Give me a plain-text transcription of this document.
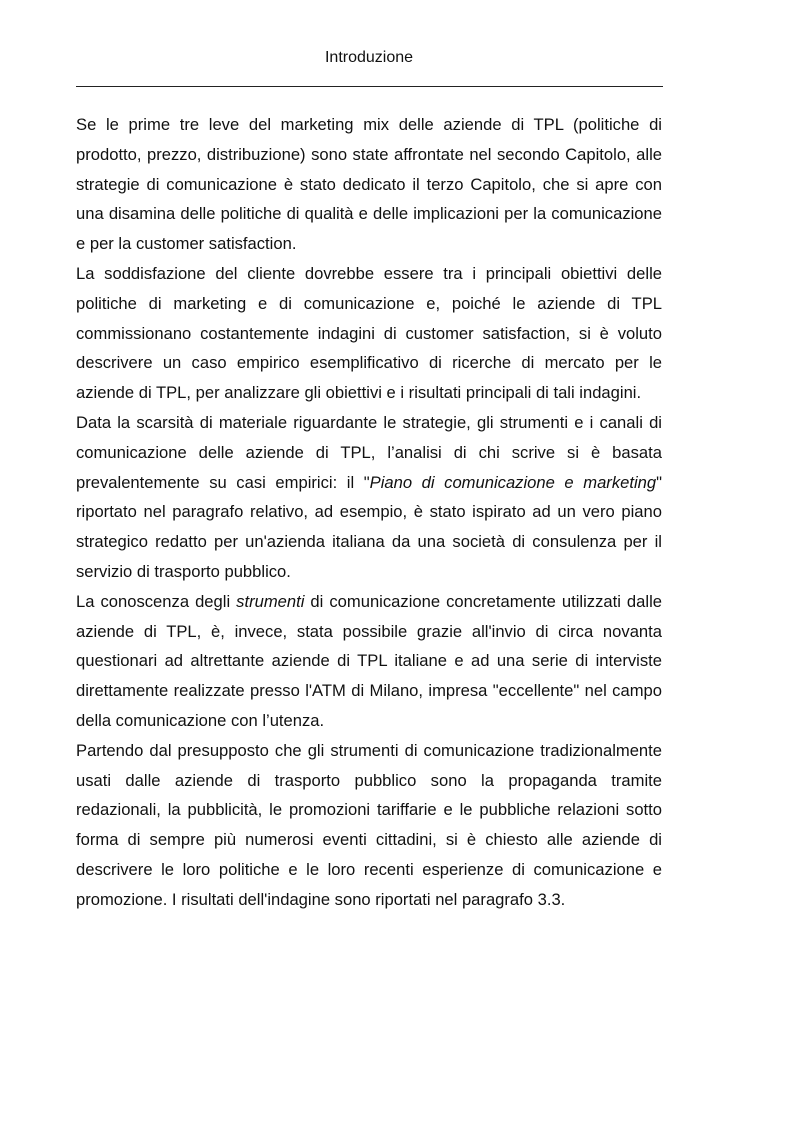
Introduzione

Se le prime tre leve del marketing mix delle aziende di TPL (politiche di prodotto, prezzo, distribuzione) sono state affrontate nel secondo Capitolo, alle strategie di comunicazione è stato dedicato il terzo Capitolo, che si apre con una disamina delle politiche di qualità e delle implicazioni per la comunicazione e per la customer satisfaction.

La soddisfazione del cliente dovrebbe essere tra i principali obiettivi delle politiche di marketing e di comunicazione e, poiché le aziende di TPL commissionano costantemente indagini di customer satisfaction, si è voluto descrivere un caso empirico esemplificativo di ricerche di mercato per le aziende di TPL, per analizzare gli obiettivi e i risultati principali di tali indagini.

Data la scarsità di materiale riguardante le strategie, gli strumenti e i canali di comunicazione delle aziende di TPL, l’analisi di chi scrive si è basata prevalentemente su casi empirici: il "Piano di comunicazione e marketing" riportato nel paragrafo relativo, ad esempio, è stato ispirato ad un vero piano strategico redatto per un'azienda italiana da una società di consulenza per il servizio di trasporto pubblico.

La conoscenza degli strumenti di comunicazione concretamente utilizzati dalle aziende di TPL, è, invece, stata possibile grazie all'invio di circa novanta questionari ad altrettante aziende di TPL italiane e ad una serie di interviste direttamente realizzate presso l'ATM di Milano, impresa "eccellente" nel campo della comunicazione con l’utenza.

Partendo dal presupposto che gli strumenti di comunicazione tradizionalmente usati dalle aziende di trasporto pubblico sono la propaganda tramite redazionali, la pubblicità, le promozioni tariffarie e le pubbliche relazioni sotto forma di sempre più numerosi eventi cittadini, si è chiesto alle aziende di descrivere le loro politiche e le loro recenti esperienze di comunicazione e promozione. I risultati dell'indagine sono riportati nel paragrafo 3.3.
